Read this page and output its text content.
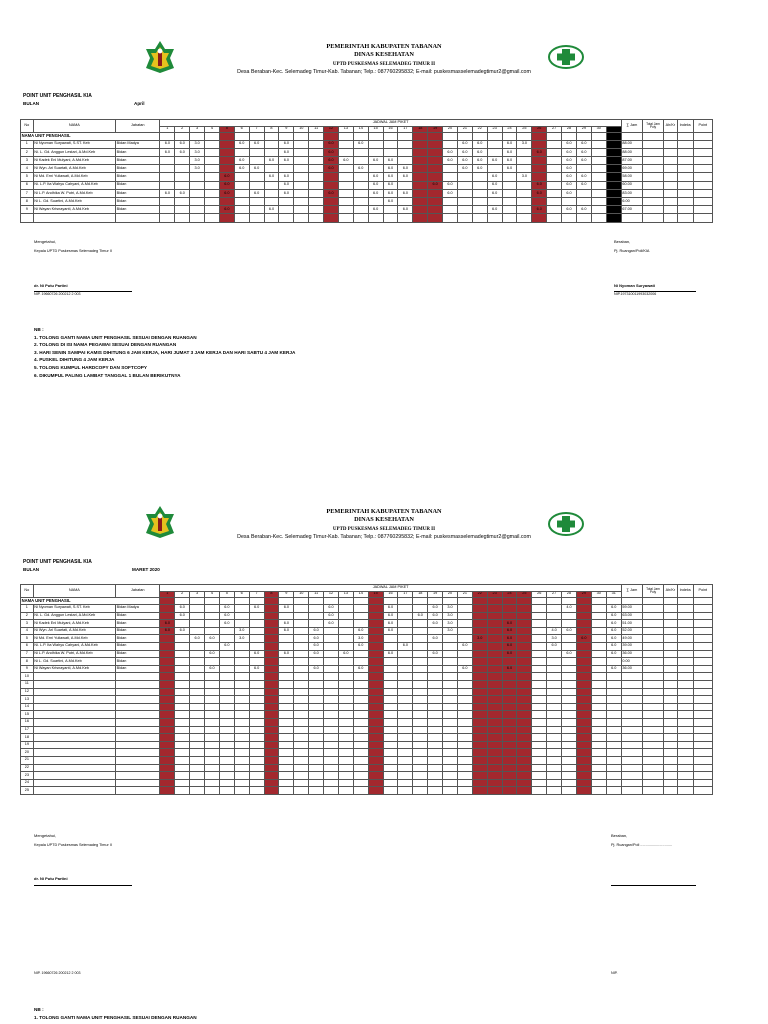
PEMERINTAH KABUPATEN TABANAN
DINAS KESEHATAN
UPTD PUSKESMAS SELEMADEG TIMUR II
Desa Beraban-Kec. Selemadeg Timur-Kab. Tabanan; Telp.: 087760295832; E-mail: puskesmasselemadegtimur2@gmail.com
POINT UNIT PENGHASIL KIA
BULAN	April
No	NAMA	Jabatan	JADWAL JAM PIKET																															∑ Jam	Total Jam Poly	Ah/Kr	Indeks	Point
			1	2	3	4	5	6	7	8	9	10	11	12	13	14	15	16	17	18	19	20	21	22	23	24	25	26	27	28	29	30	31					
NAMA UNIT PENGHASIL																																						
1	Ni Nyoman Suryawati, S.ST. Keb	Bidan Madya	6.0	6.0	3.0			6.0	6.0		6.0			6.0		6.0							6.0	6.0		6.0	3.0			6.0	6.0		6.0	88.00				
2	Ni. L. Gd. Anggun Lestari, A.Md.Keb	Bidan	6.0	6.0	3.0						6.0			6.0								6.0	6.0	6.0		6.0		6.0		6.0	6.0		6.0	88.00				
3	Ni Kadek Eni Mulyani, A.Md.Keb	Bidan			3.0			6.0		6.0	6.0			6.0	6.0		6.0	6.0				6.0	6.0	6.0	6.0	6.0				6.0	6.0			87.00				
4	Ni Wyn. Ari Suartati, A.Md.Keb	Bidan			3.0			6.0	6.0					6.0		6.0		6.0	6.0				6.0	6.0		6.0				6.0			6.0	69.00				
5	Ni Md. Erni Yuliawati, A.Md.Keb	Bidan					6.0			6.0	6.0						6.0	6.0	6.0						6.0		3.0			6.0	6.0		6.0	58.00				
6	Ni. L.P. Ita Wahyu Cahyani, A.Md.Keb	Bidan					6.0				6.0						6.0	6.0			6.0	6.0			6.0			6.0		6.0	6.0		6.0	60.00				
7	Ni L.P. Andhika W. Putri, A.Md.Keb	Bidan	6.0	6.0			6.0		6.0		6.0			6.0			6.0	6.0	6.0			6.0			6.0			6.0		6.0			6.0	83.00				
8	Ni L. Gd. Suartini, A.Md.Keb	Bidan																6.0																6.00				
9	Ni Wayan Krisnayanti, A.Md.Keb	Bidan					6.0			6.0							6.0		6.0						6.0			6.0		6.0	6.0		6.0	67.00				

Mengetahui,
Kepala UPTD Puskesmas Selemadeg Timur II
Beraban,
Pj. Ruangan/Poli/KIA
dr. Ni Putu Partini
NIP. 19660726 200212 2 003
Ni Nyoman Suryawati
NIP.197310011993032006
NB :
1. TOLONG GANTI NAMA UNIT PENGHASIL SESUAI DENGAN RUANGAN
2. TOLONG DI ISI NAMA PEGAWAI SESUAI DENGAN RUANGAN
3. HARI SENIN SAMPAI KAMIS DIHITUNG 6 JAM KERJA, HARI JUMAT 3 JAM KERJA DAN HARI SABTU 4 JAM KERJA
4. PUSKEL DIHITUNG 4 JAM KERJA
5. TOLONG KUMPUL HARDCOPY DAN SOFTCOPY
6. DIKUMPUL PALING LAMBAT TANGGAL 1 BULAN BERIKUTNYA
PEMERINTAH KABUPATEN TABANAN
DINAS KESEHATAN
UPTD PUSKESMAS SELEMADEG TIMUR II
Desa Beraban-Kec. Selemadeg Timur-Kab. Tabanan; Telp.: 087760295832; E-mail: puskesmasselemadegtimur2@gmail.com
POINT UNIT PENGHASIL KIA
BULAN	MARET 2020
No	NAMA	Jabatan	JADWAL JAM PIKET																															∑ Jam	Total Jam Poly	Ah/Kr	Indeks	Point
			1	2	3	4	5	6	7	8	9	10	11	12	13	14	15	16	17	18	19	20	21	22	23	24	25	26	27	28	29	30	31					
NAMA UNIT PENGHASIL																																						
1	Ni Nyoman Suryawati, S.ST. Keb	Bidan Madya		6.0			6.0		6.0		6.0			6.0				6.0			6.0	3.0								4.0			6.0	59.00				
2	Ni. L. Gd. Anggun Lestari, A.Md.Keb	Bidan		6.0			6.0							6.0				6.0		6.0	6.0	3.0											6.0	63.00				
3	Ni Kadek Eni Mulyani, A.Md.Keb	Bidan	6.0				6.0				6.0			6.0				6.0			6.0	3.0				6.0							6.0	51.00				
4	Ni Wyn. Ari Suartati, A.Md.Keb	Bidan	6.0	6.0				3.0			6.0		6.0			6.0		6.0				3.0				6.0			4.0	6.0			6.0	52.00				
5	Ni Md. Erni Yuliawati, A.Md.Keb	Bidan			6.0	6.0		3.0					6.0			3.0					6.0			3.0		6.0			3.0		6.0		6.0	49.00				
6	Ni. L.P. Ita Wahyu Cahyani, A.Md.Keb	Bidan					6.0						6.0			6.0			6.0				6.0			6.0			6.0				6.0	39.00				
7	Ni L.P. Andhika W. Putri, A.Md.Keb	Bidan				6.0			6.0		6.0		6.0		6.0			6.0			6.0					6.0				6.0			6.0	36.00				
8	Ni L. Gd. Suartini, A.Md.Keb	Bidan																																0.00				
9	Ni Wayan Krisnayanti, A.Md.Keb	Bidan				6.0			6.0				6.0			6.0							6.0			6.0							6.0	36.00				
10																																						
11																																						
12																																						
13																																						
14																																						
15																																						
16																																						
17																																						
18																																						
19																																						
20																																						
21																																						
22																																						
23																																						
24																																						
25																																						
Mengetahui,
Kepala UPTD Puskesmas Selemadeg Timur II
Beraban,
Pj. Ruangan/Poli ..............................
dr. Ni Putu Partini
NIP. 19660726 200212 2 003	NIP.
NB :
1. TOLONG GANTI NAMA UNIT PENGHASIL SESUAI DENGAN RUANGAN
